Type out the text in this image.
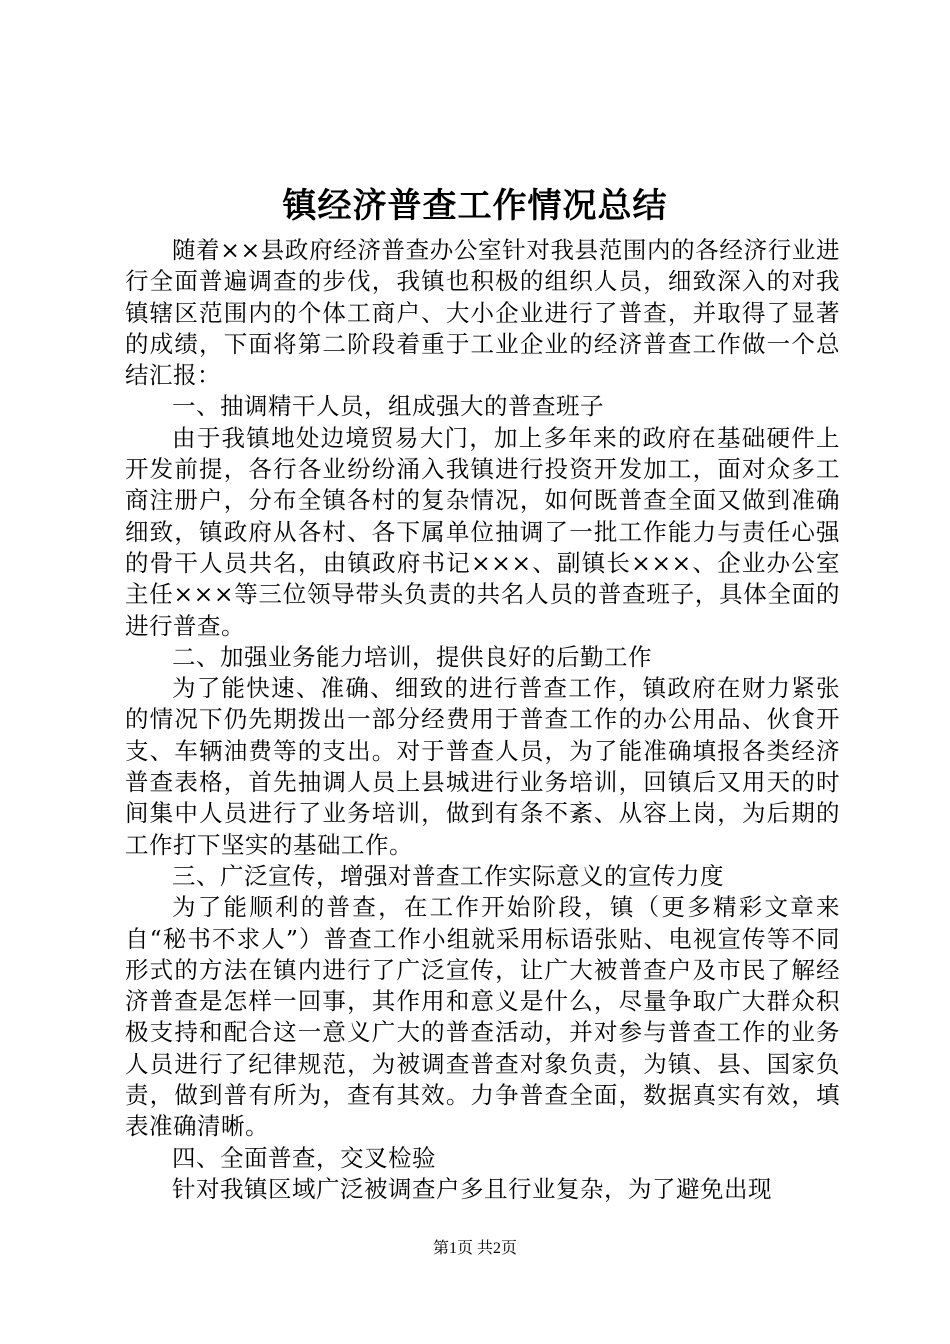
镇经济普查工作情况总结

随着××县政府经济普查办公室针对我县范围内的各经济行业进行全面普遍调查的步伐，我镇也积极的组织人员，细致深入的对我镇辖区范围内的个体工商户、大小企业进行了普查，并取得了显著的成绩，下面将第二阶段着重于工业企业的经济普查工作做一个总结汇报：

一、抽调精干人员，组成强大的普查班子

由于我镇地处边境贸易大门，加上多年来的政府在基础硬件上开发前提，各行各业纷纷涌入我镇进行投资开发加工，面对众多工商注册户，分布全镇各村的复杂情况，如何既普查全面又做到准确细致，镇政府从各村、各下属单位抽调了一批工作能力与责任心强的骨干人员共名，由镇政府书记×××、副镇长×××、企业办公室主任×××等三位领导带头负责的共名人员的普查班子，具体全面的进行普查。

二、加强业务能力培训，提供良好的后勤工作

为了能快速、准确、细致的进行普查工作，镇政府在财力紧张的情况下仍先期拨出一部分经费用于普查工作的办公用品、伙食开支、车辆油费等的支出。对于普查人员，为了能准确填报各类经济普查表格，首先抽调人员上县城进行业务培训，回镇后又用天的时间集中人员进行了业务培训，做到有条不紊、从容上岗，为后期的工作打下坚实的基础工作。

三、广泛宣传，增强对普查工作实际意义的宣传力度

为了能顺利的普查，在工作开始阶段，镇（更多精彩文章来自“秘书不求人”）普查工作小组就采用标语张贴、电视宣传等不同形式的方法在镇内进行了广泛宣传，让广大被普查户及市民了解经济普查是怎样一回事，其作用和意义是什么，尽量争取广大群众积极支持和配合这一意义广大的普查活动，并对参与普查工作的业务人员进行了纪律规范，为被调查普查对象负责，为镇、县、国家负责，做到普有所为，查有其效。力争普查全面，数据真实有效，填表准确清晰。

四、全面普查，交叉检验

针对我镇区域广泛被调查户多且行业复杂，为了避免出现

第1页 共2页
